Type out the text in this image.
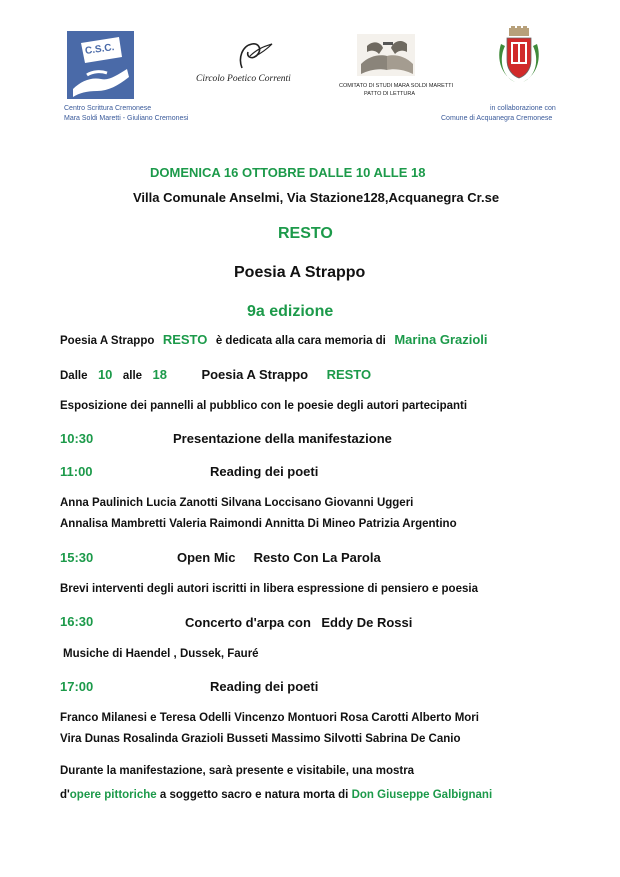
C.S.C.
Centro Scrittura Cremonese
Mara Soldi Maretti - Giuliano Cremonesi
Circolo Poetico Correnti
COMITATO DI STUDI MARA SOLDI MARETTI
PATTO DI LETTURA
in collaborazione con
Comune di Acquanegra Cremonese
DOMENICA 16 OTTOBRE DALLE 10 ALLE 18
Villa Comunale Anselmi, Via Stazione128,Acquanegra Cr.se
RESTO
Poesia A Strappo
9a edizione
Poesia A Strappo RESTO è dedicata alla cara memoria di Marina Grazioli
Dalle 10 alle 18	Poesia A Strappo RESTO
Esposizione dei pannelli al pubblico con le poesie degli autori partecipanti
10:30	Presentazione della manifestazione
11:00	Reading dei poeti
Anna Paulinich Lucia Zanotti Silvana Loccisano Giovanni Uggeri
Annalisa Mambretti Valeria Raimondi Annitta Di Mineo Patrizia Argentino
15:30	Open Mic     Resto Con La Parola
Brevi interventi degli autori iscritti in libera espressione di pensiero e poesia
16:30	Concerto d'arpa con Eddy De Rossi
Musiche di Haendel , Dussek, Fauré
17:00	Reading dei poeti
Franco Milanesi e Teresa Odelli Vincenzo Montuori Rosa Carotti Alberto Mori
Vira Dunas Rosalinda Grazioli Busseti Massimo Silvotti Sabrina De Canio
Durante la manifestazione, sarà presente e visitabile, una mostra
d'opere pittoriche a soggetto sacro e natura morta di Don Giuseppe Galbignani
